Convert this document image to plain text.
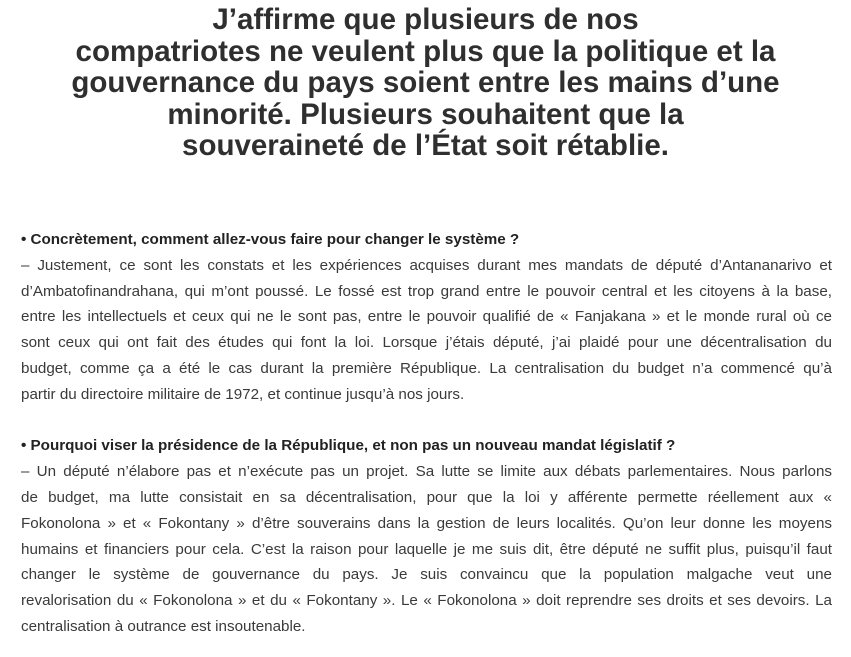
J’affirme que plusieurs de nos
compatriotes ne veulent plus que la politique et la
gouvernance du pays soient entre les mains d’une
minorité. Plusieurs souhaitent que la
souveraineté de l’État soit rétablie.
• Concrètement, comment allez-vous faire pour changer le système ?
– Justement, ce sont les constats et les expériences acquises durant mes mandats de député d’Antananarivo et
d’Ambatofinandrahana, qui m’ont poussé. Le fossé est trop grand entre le pouvoir central et les citoyens à la base,
entre les intellectuels et ceux qui ne le sont pas, entre le pouvoir qualifié de « Fanjakana » et le monde rural où ce
sont ceux qui ont fait des études qui font la loi. Lorsque j’étais député, j’ai plaidé pour une décentralisation du
budget, comme ça a été le cas durant la première République. La centralisation du budget n’a commencé qu’à
partir du directoire militaire de 1972, et continue jusqu’à nos jours.
• Pourquoi viser la présidence de la République, et non pas un nouveau mandat législatif ?
– Un député n’élabore pas et n’exécute pas un projet. Sa lutte se limite aux débats parlementaires. Nous parlons
de budget, ma lutte consistait en sa décentralisation, pour que la loi y afférente permette réellement aux «
Fokonolona » et « Fokontany » d’être souverains dans la gestion de leurs localités. Qu’on leur donne les moyens
humains et financiers pour cela. C’est la raison pour laquelle je me suis dit, être député ne suffit plus, puisqu’il faut
changer le système de gouvernance du pays. Je suis convaincu que la population malgache veut une
revalorisation du « Fokonolona » et du « Fokontany ». Le « Fokonolona » doit reprendre ses droits et ses devoirs. La
centralisation à outrance est insoutenable.
